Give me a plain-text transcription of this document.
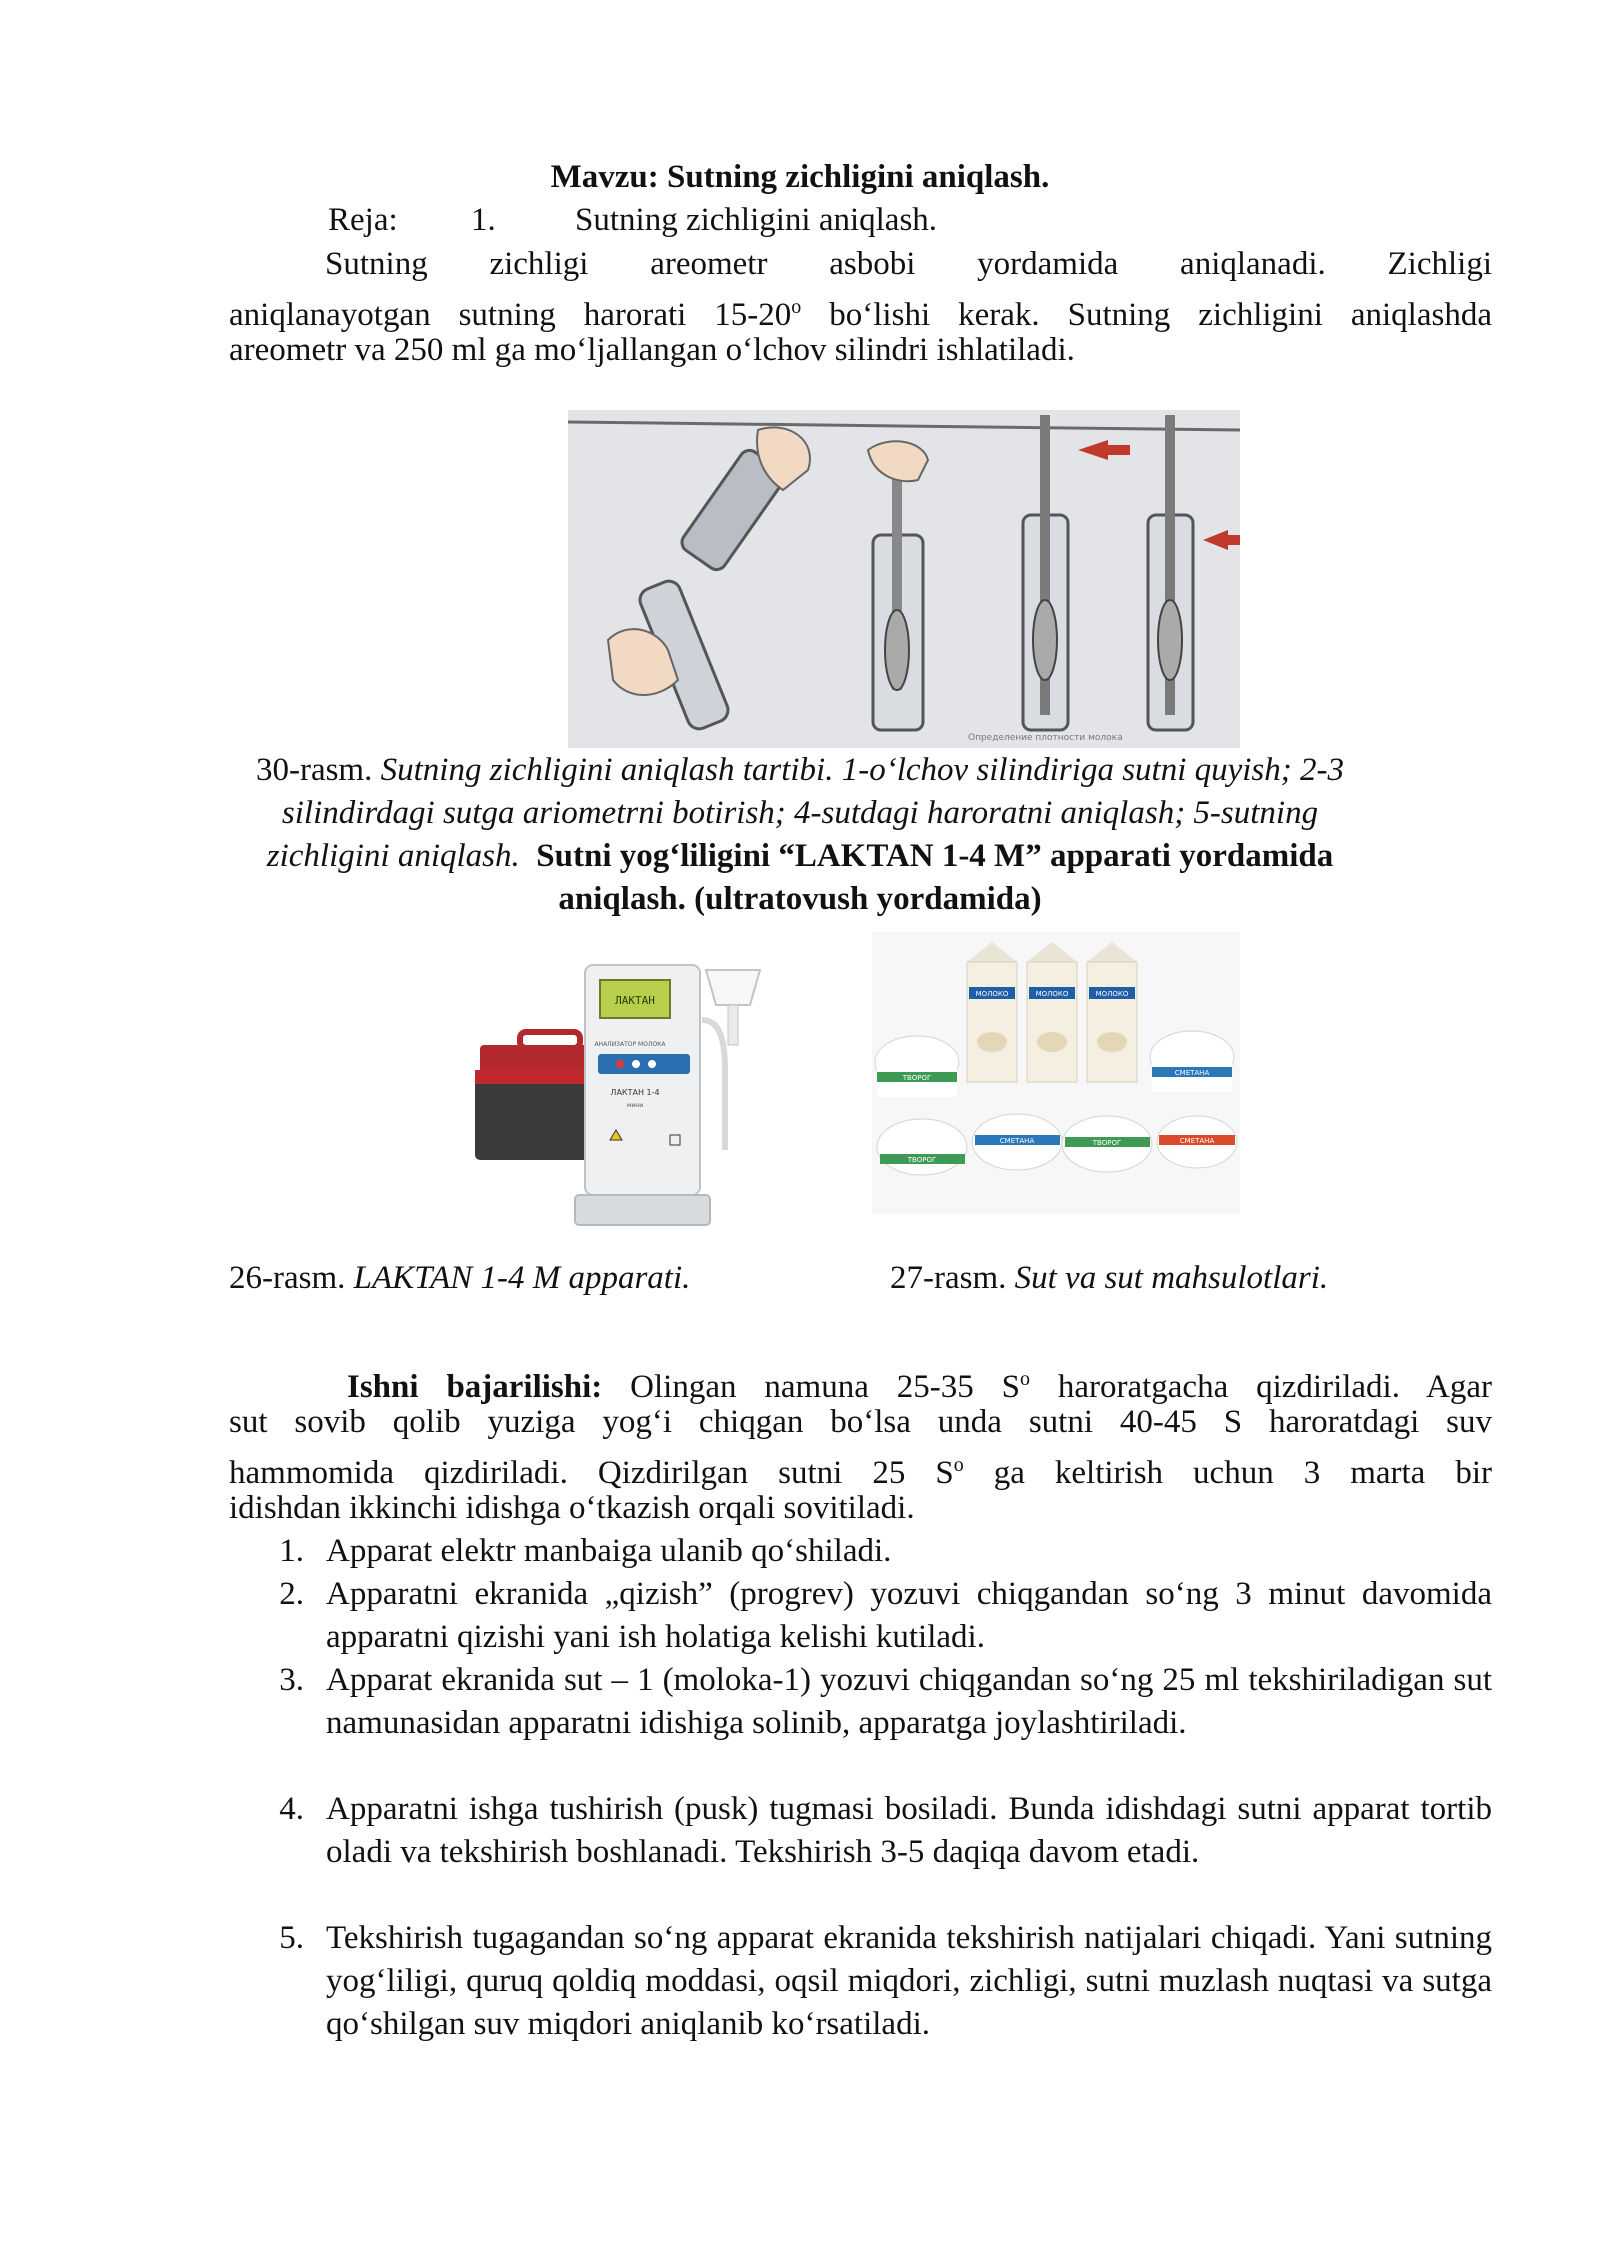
Mavzu: Sutning zichligini aniqlash.
Reja: 1. Sutning zichligini aniqlash.
Sutning zichligi areometr asbobi yordamida aniqlanadi. Zichligi
aniqlanayotgan sutning harorati 15-20$^o$ bo‘lishi kerak. Sutning zichligini aniqlashda
areometr va 250 ml ga mo‘ljallangan o‘lchov silindri ishlatiladi.
Определение плотности молока
30-rasm. Sutning zichligini aniqlash tartibi. 1-o‘lchov silindiriga sutni quyish; 2-3
silindirdagi sutga ariometrni botirish; 4-sutdagi haroratni aniqlash; 5-sutning
zichligini aniqlash. Sutni yog‘liligini “LAKTAN 1-4 M” apparati yordamida
aniqlash. (ultratovush yordamida)
ЛАКТАН
АНАЛИЗАТОР МОЛОКА
ЛАКТАН 1-4
мини
МОЛОКО	МОЛОКО	МОЛОКО
ТВОРОГ
СМЕТАНА
ТВОРОГ
СМЕТАНА	ТВОРОГ	СМЕТАНА
26-rasm. LAKTAN 1-4 M apparati.	27-rasm. Sut va sut mahsulotlari.
Ishni bajarilishi: Olingan namuna 25-35 $S^o$ haroratgacha qizdiriladi. Agar
sut sovib qolib yuziga yog‘i chiqgan bo‘lsa unda sutni 40-45 S haroratdagi suv
hammomida qizdiriladi. Qizdirilgan sutni 25 $S^o$ ga keltirish uchun 3 marta bir
idishdan ikkinchi idishga o‘tkazish orqali sovitiladi.
1. Apparat elektr manbaiga ulanib qo‘shiladi.
2. Apparatni ekranida „qizish” (progrev) yozuvi chiqgandan so‘ng 3 minut davomida apparatni qizishi yani ish holatiga kelishi kutiladi.
3. Apparat ekranida sut – 1 (moloka-1) yozuvi chiqgandan so‘ng 25 ml tekshiriladigan sut namunasidan apparatni idishiga solinib, apparatga joylashtiriladi.
4. Apparatni ishga tushirish (pusk) tugmasi bosiladi. Bunda idishdagi sutni apparat tortib oladi va tekshirish boshlanadi. Tekshirish 3-5 daqiqa davom etadi.
5. Tekshirish tugagandan so‘ng apparat ekranida tekshirish natijalari chiqadi. Yani sutning yog‘liligi, quruq qoldiq moddasi, oqsil miqdori, zichligi, sutni muzlash nuqtasi va sutga qo‘shilgan suv miqdori aniqlanib ko‘rsatiladi.
